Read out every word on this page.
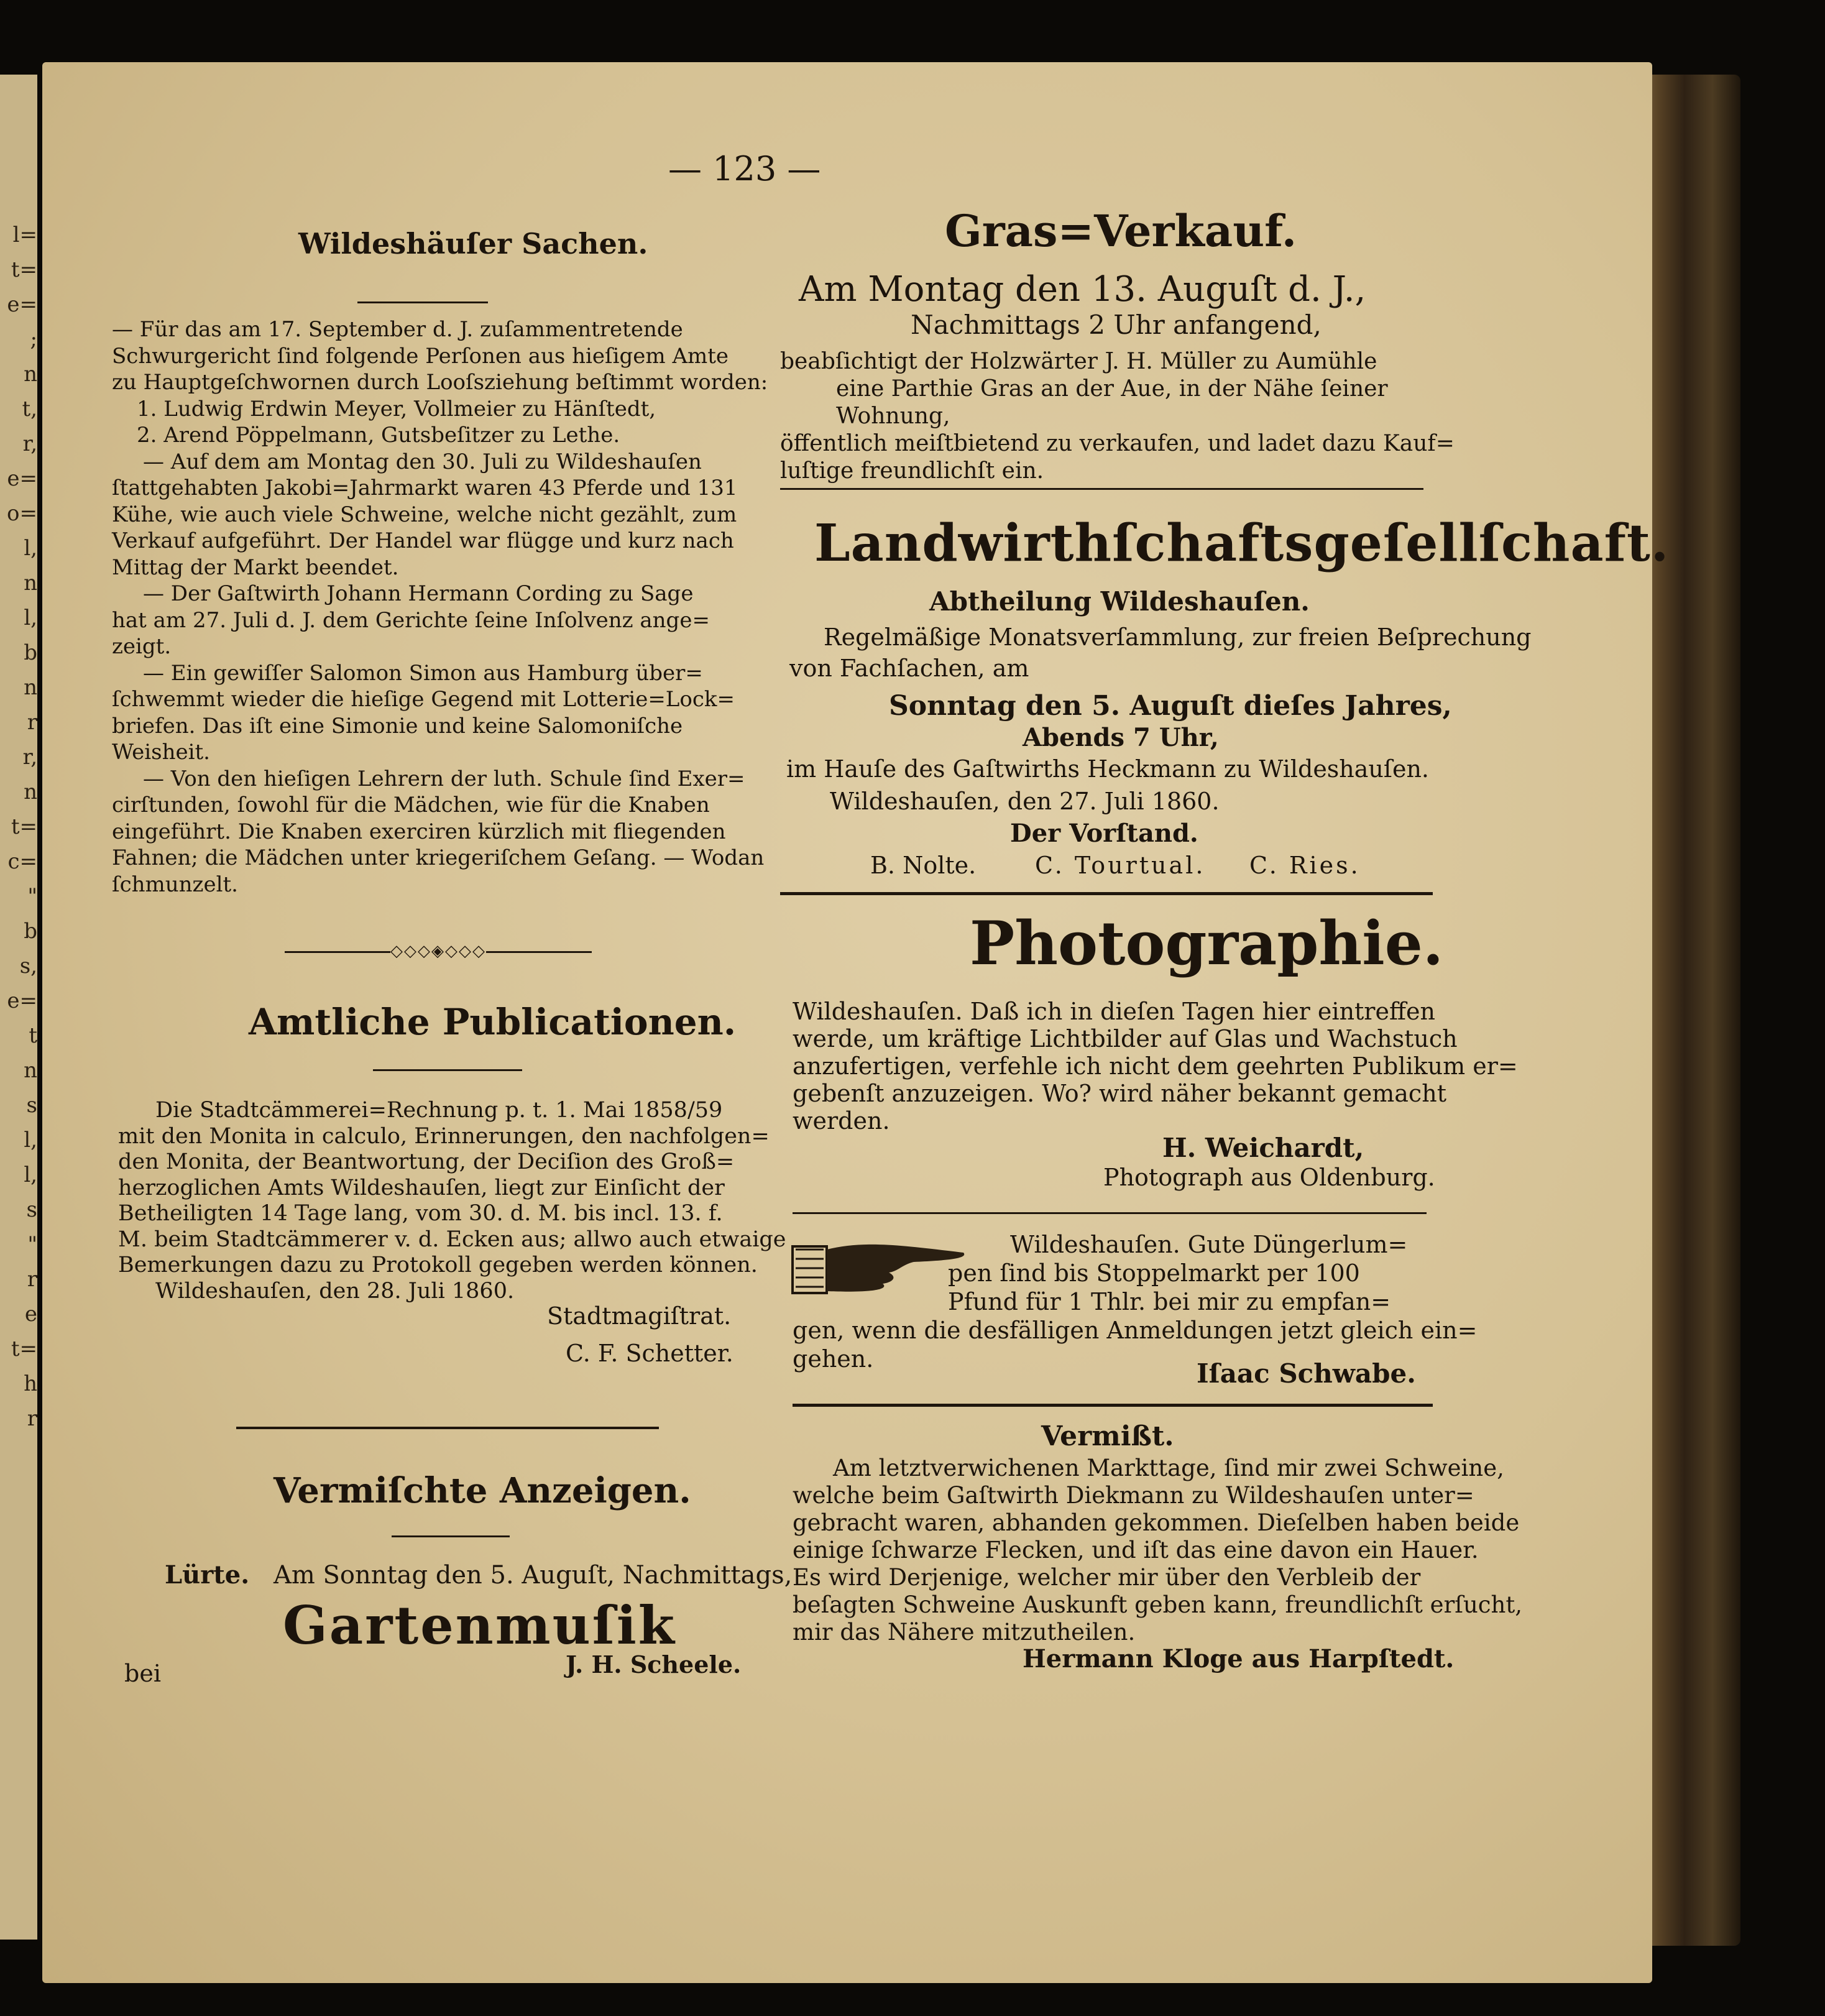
l=
t=
e=
;
n
t,
r,
e=
o=
l,
n
l,
b
n
r
r,
n
t=
c=
"
b
s,
e=
t
n
s
l,
l,
s
"
r
e
t=
h
r
— 123 —
Wildeshäuſer Sachen.
— Für das am 17. September d. J. zuſammentretende
Schwurgericht ſind folgende Perſonen aus hieſigem Amte
zu Hauptgeſchwornen durch Looſsziehung beſtimmt worden:
1. Ludwig Erdwin Meyer, Vollmeier zu Hänſtedt,
2. Arend Pöppelmann, Gutsbeſitzer zu Lethe.
— Auf dem am Montag den 30. Juli zu Wildeshauſen
ſtattgehabten Jakobi=Jahrmarkt waren 43 Pferde und 131
Kühe, wie auch viele Schweine, welche nicht gezählt, zum
Verkauf aufgeführt. Der Handel war flügge und kurz nach
Mittag der Markt beendet.
— Der Gaſtwirth Johann Hermann Cording zu Sage
hat am 27. Juli d. J. dem Gerichte ſeine Inſolvenz ange=
zeigt.
— Ein gewiſſer Salomon Simon aus Hamburg über=
ſchwemmt wieder die hieſige Gegend mit Lotterie=Lock=
briefen. Das iſt eine Simonie und keine Salomoniſche
Weisheit.
— Von den hieſigen Lehrern der luth. Schule ſind Exer=
cirſtunden, ſowohl für die Mädchen, wie für die Knaben
eingeführt. Die Knaben exerciren kürzlich mit fliegenden
Fahnen; die Mädchen unter kriegeriſchem Geſang. — Wodan
ſchmunzelt.
◇◇◇◈◇◇◇
Amtliche Publicationen.
Die Stadtcämmerei=Rechnung p. t. 1. Mai 1858/59
mit den Monita in calculo, Erinnerungen, den nachfolgen=
den Monita, der Beantwortung, der Deciſion des Groß=
herzoglichen Amts Wildeshauſen, liegt zur Einſicht der
Betheiligten 14 Tage lang, vom 30. d. M. bis incl. 13. f.
M. beim Stadtcämmerer v. d. Ecken aus; allwo auch etwaige
Bemerkungen dazu zu Protokoll gegeben werden können.
Wildeshauſen, den 28. Juli 1860.
Stadtmagiſtrat.
C. F. Schetter.
Vermiſchte Anzeigen.
Lürte. Am Sonntag den 5. Auguſt, Nachmittags,
Gartenmuſik
bei	J. H. Scheele.
Gras=Verkauf.
Am Montag den 13. Auguſt d. J.,
Nachmittags 2 Uhr anfangend,
beabſichtigt der Holzwärter J. H. Müller zu Aumühle
eine Parthie Gras an der Aue, in der Nähe ſeiner
Wohnung,
öffentlich meiſtbietend zu verkaufen, und ladet dazu Kauf=
luſtige freundlichſt ein.
Landwirthſchaftsgeſellſchaft.
Abtheilung Wildeshauſen.
Regelmäßige Monatsverſammlung, zur freien Beſprechung
von Fachſachen, am
Sonntag den 5. Auguſt dieſes Jahres,
Abends 7 Uhr,
im Hauſe des Gaſtwirths Heckmann zu Wildeshauſen.
Wildeshauſen, den 27. Juli 1860.
Der Vorſtand.
B. Nolte. C. Tourtual. C. Ries.
Photographie.
Wildeshauſen. Daß ich in dieſen Tagen hier eintreffen
werde, um kräftige Lichtbilder auf Glas und Wachstuch
anzufertigen, verfehle ich nicht dem geehrten Publikum er=
gebenſt anzuzeigen. Wo? wird näher bekannt gemacht
werden.
H. Weichardt,
Photograph aus Oldenburg.
Wildeshauſen. Gute Düngerlum=
pen ſind bis Stoppelmarkt per 100
Pfund für 1 Thlr. bei mir zu empfan=
gen, wenn die desfälligen Anmeldungen jetzt gleich ein=
gehen.	Iſaac Schwabe.
Vermißt.
Am letztverwichenen Markttage, ſind mir zwei Schweine,
welche beim Gaſtwirth Diekmann zu Wildeshauſen unter=
gebracht waren, abhanden gekommen. Dieſelben haben beide
einige ſchwarze Flecken, und iſt das eine davon ein Hauer.
Es wird Derjenige, welcher mir über den Verbleib der
beſagten Schweine Auskunft geben kann, freundlichſt erſucht,
mir das Nähere mitzutheilen.
Hermann Kloge aus Harpſtedt.
